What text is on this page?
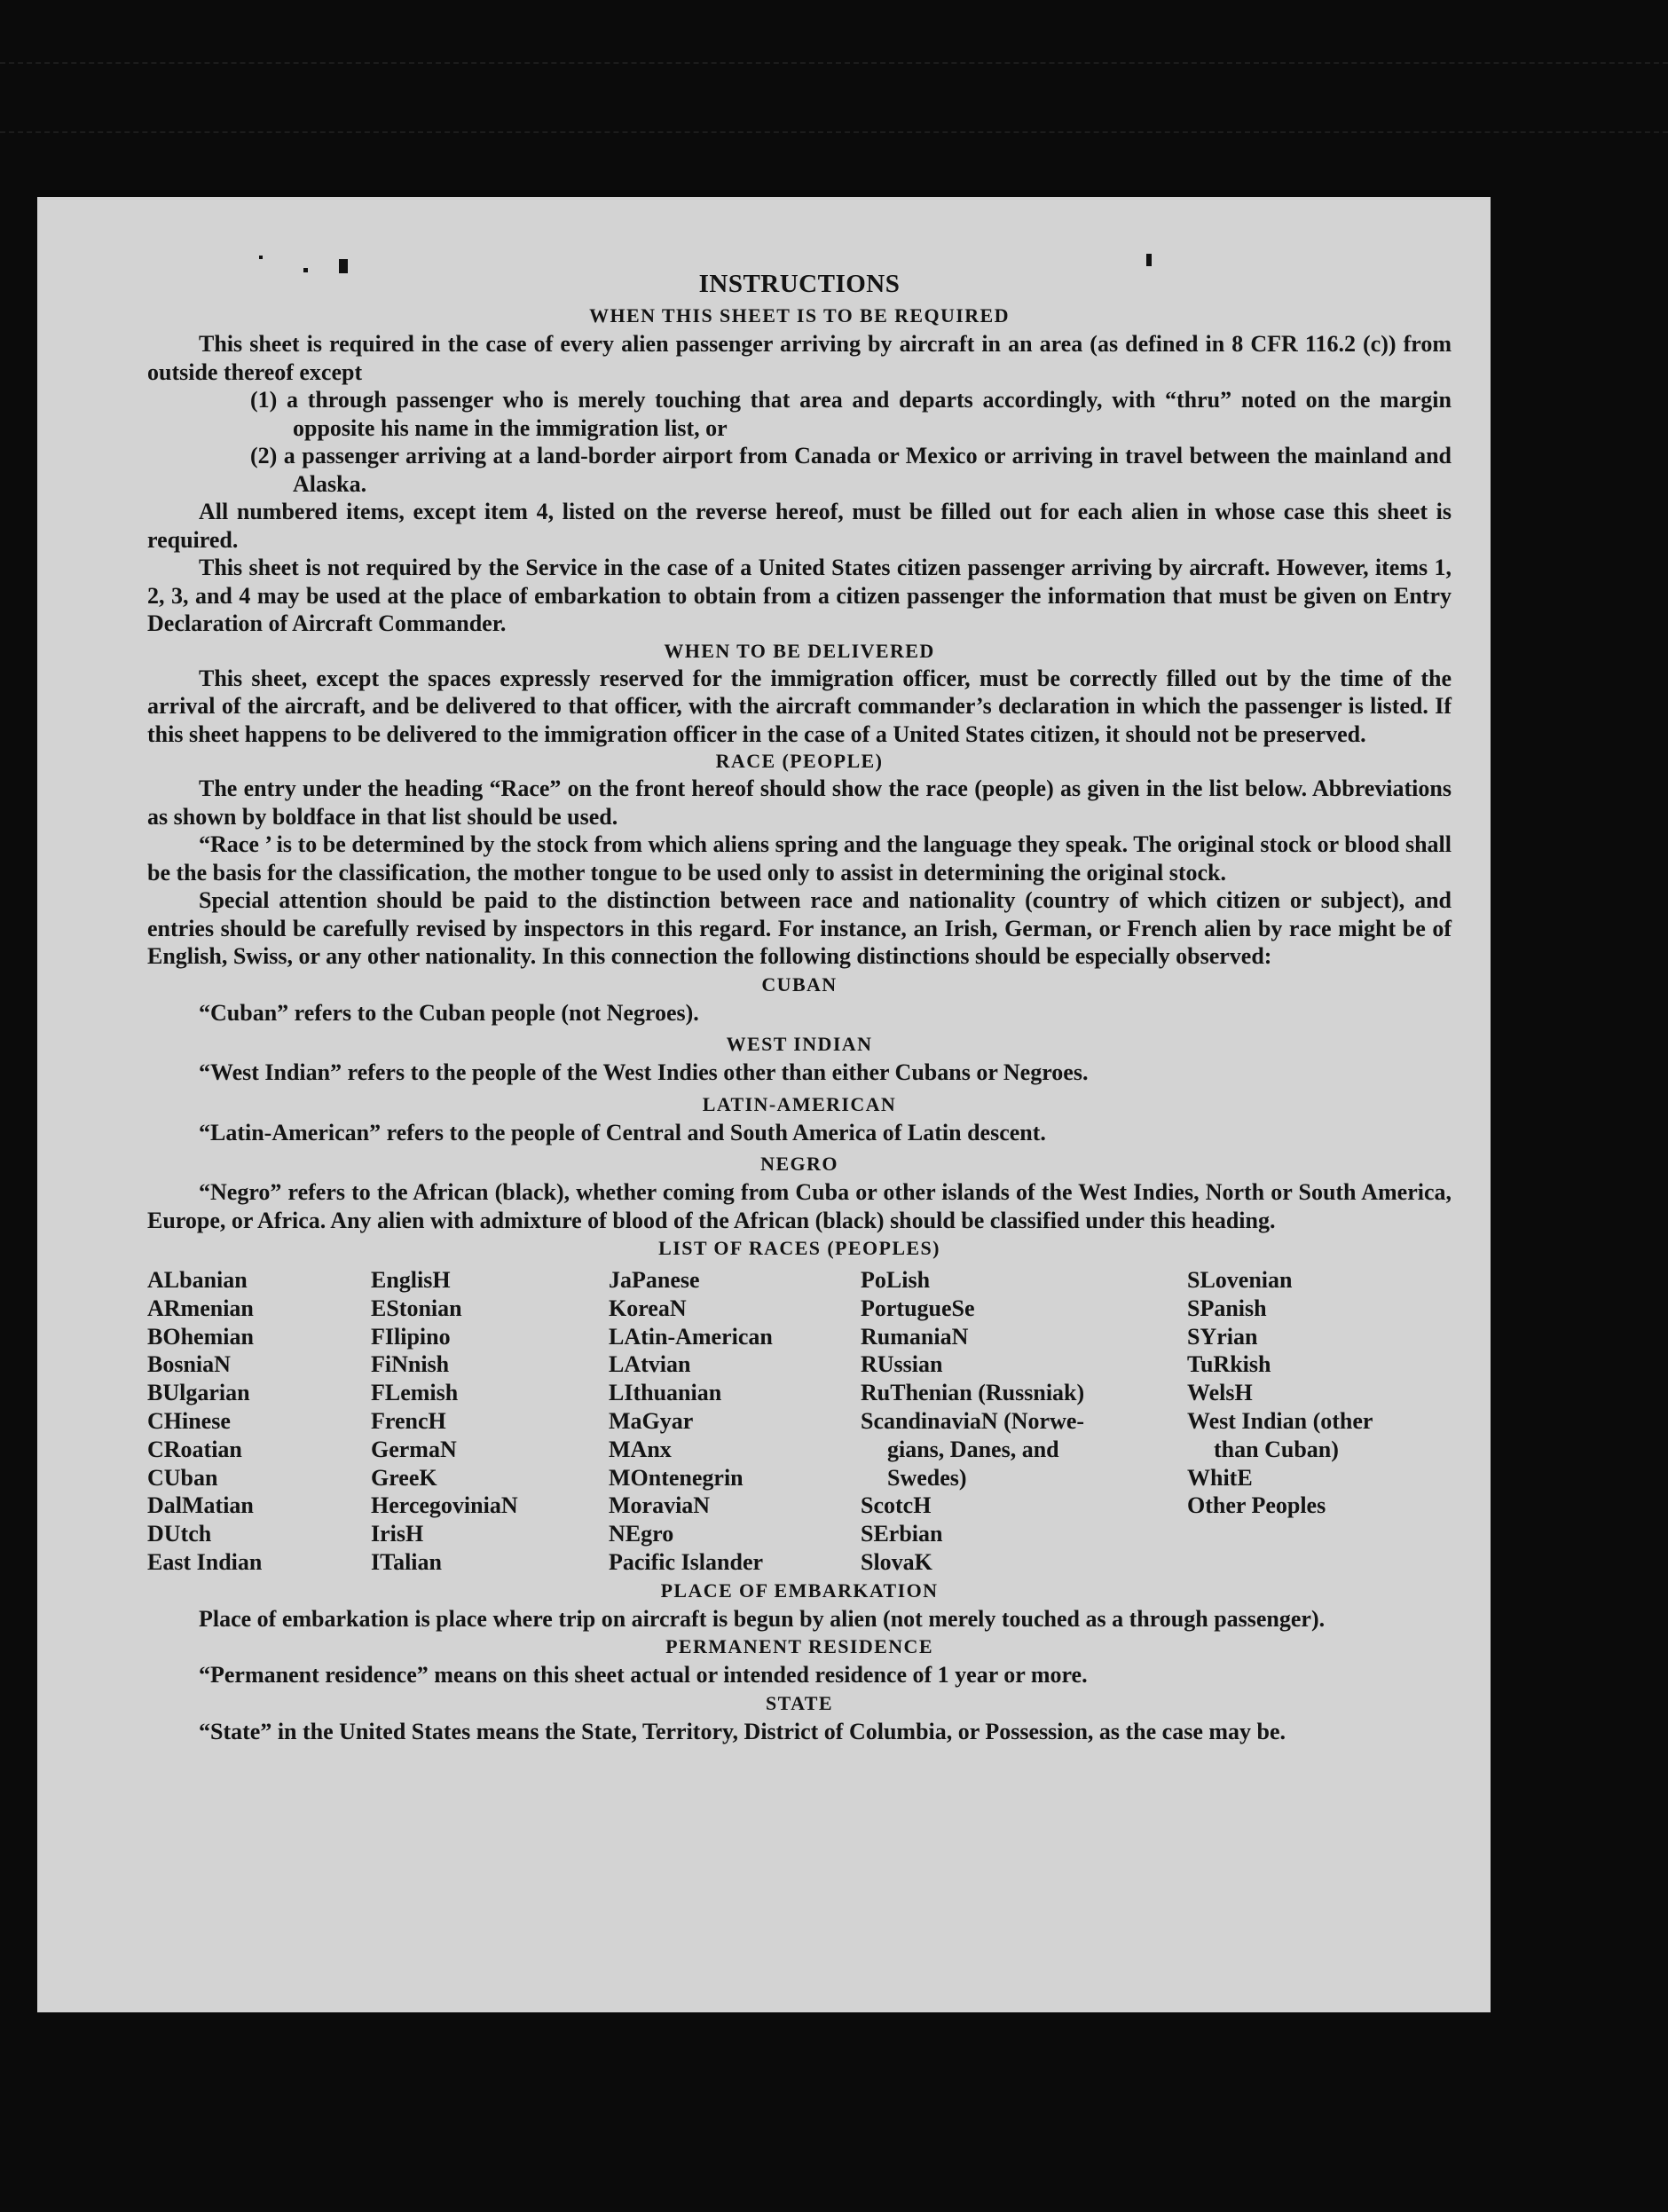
INSTRUCTIONS
WHEN THIS SHEET IS TO BE REQUIRED

This sheet is required in the case of every alien passenger arriving by aircraft in an area (as defined in 8 CFR 116.2 (c)) from outside thereof except

(1) a through passenger who is merely touching that area and departs accordingly, with “thru” noted on the margin opposite his name in the immigration list, or
(2) a passenger arriving at a land-border airport from Canada or Mexico or arriving in travel between the mainland and Alaska.

All numbered items, except item 4, listed on the reverse hereof, must be filled out for each alien in whose case this sheet is required.

This sheet is not required by the Service in the case of a United States citizen passenger arriving by aircraft. However, items 1, 2, 3, and 4 may be used at the place of embarkation to obtain from a citizen passenger the information that must be given on Entry Declaration of Aircraft Commander.

WHEN TO BE DELIVERED

This sheet, except the spaces expressly reserved for the immigration officer, must be correctly filled out by the time of the arrival of the aircraft, and be delivered to that officer, with the aircraft commander’s declaration in which the passenger is listed. If this sheet happens to be delivered to the immigration officer in the case of a United States citizen, it should not be preserved.

RACE (PEOPLE)

The entry under the heading “Race” on the front hereof should show the race (people) as given in the list below. Abbreviations as shown by boldface in that list should be used.

“Race ’ is to be determined by the stock from which aliens spring and the language they speak. The original stock or blood shall be the basis for the classification, the mother tongue to be used only to assist in determining the original stock.

Special attention should be paid to the distinction between race and nationality (country of which citizen or subject), and entries should be carefully revised by inspectors in this regard. For instance, an Irish, German, or French alien by race might be of English, Swiss, or any other nationality. In this connection the following distinctions should be especially observed:

CUBAN

“Cuban” refers to the Cuban people (not Negroes).

WEST INDIAN

“West Indian” refers to the people of the West Indies other than either Cubans or Negroes.

LATIN-AMERICAN

“Latin-American” refers to the people of Central and South America of Latin descent.

NEGRO

“Negro” refers to the African (black), whether coming from Cuba or other islands of the West Indies, North or South America, Europe, or Africa. Any alien with admixture of blood of the African (black) should be classified under this heading.

LIST OF RACES (PEOPLES)
ALbanian
ARmenian
BOhemian
BosniaN
BUlgarian
CHinese
CRoatian
CUban
DalMatian
DUtch
East Indian
EnglisH
EStonian
FIlipino
FiNnish
FLemish
FrencH
GermaN
GreeK
HercegoviniaN
IrisH
ITalian
JaPanese
KoreaN
LAtin-American
LAtvian
LIthuanian
MaGyar
MAnx
MOntenegrin
MoraviaN
NEgro
Pacific Islander
PoLish
PortugueSe
RumaniaN
RUssian
RuThenian (Russniak)
ScandinaviaN (Norwe-
gians, Danes, and
Swedes)
ScotcH
SErbian
SlovaK
SLovenian
SPanish
SYrian
TuRkish
WelsH
West Indian (other
than Cuban)
WhitE
Other Peoples
PLACE OF EMBARKATION

Place of embarkation is place where trip on aircraft is begun by alien (not merely touched as a through passenger).

PERMANENT RESIDENCE

“Permanent residence” means on this sheet actual or intended residence of 1 year or more.

STATE

“State” in the United States means the State, Territory, District of Columbia, or Possession, as the case may be.
